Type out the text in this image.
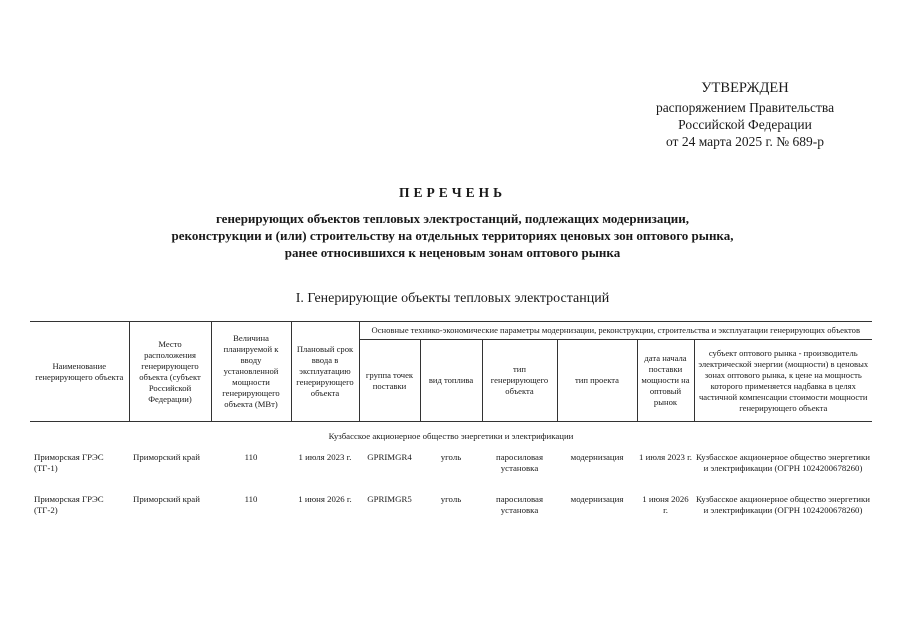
УТВЕРЖДЕН
распоряжением Правительства
Российской Федерации
от 24 марта 2025 г. № 689-р
ПЕРЕЧЕНЬ
генерирующих объектов тепловых электростанций, подлежащих модернизации,
реконструкции и (или) строительству на отдельных территориях ценовых зон оптового рынка,
ранее относившихся к неценовым зонам оптового рынка
I. Генерирующие объекты тепловых электростанций
Наименование генерирующего объекта	Место расположения генерирующего объекта (субъект Российской Федерации)	Величина планируемой к вводу установленной мощности генерирующего объекта (МВт)	Плановый срок ввода в эксплуатацию генерирующего объекта	Основные технико-экономические параметры модернизации, реконструкции, строительства и эксплуатации генерирующих объектов					
				группа точек поставки	вид топлива	тип генерирующего объекта	тип проекта	дата начала поставки мощности на оптовый рынок	субъект оптового рынка - производитель электрической энергии (мощности) в ценовых зонах оптового рынка, к цене на мощность которого применяется надбавка в целях частичной компенсации стоимости мощности генерирующего объекта
Кузбасское акционерное общество энергетики и электрификации									
Приморская ГРЭС (ТГ-1)	Приморский край	110	1 июля 2023 г.	GPRIMGR4	уголь	паросиловая установка	модернизация	1 июля 2023 г.	Кузбасское акционерное общество энергетики и электрификации (ОГРН 1024200678260)
Приморская ГРЭС (ТГ-2)	Приморский край	110	1 июня 2026 г.	GPRIMGR5	уголь	паросиловая установка	модернизация	1 июня 2026 г.	Кузбасское акционерное общество энергетики и электрификации (ОГРН 1024200678260)
